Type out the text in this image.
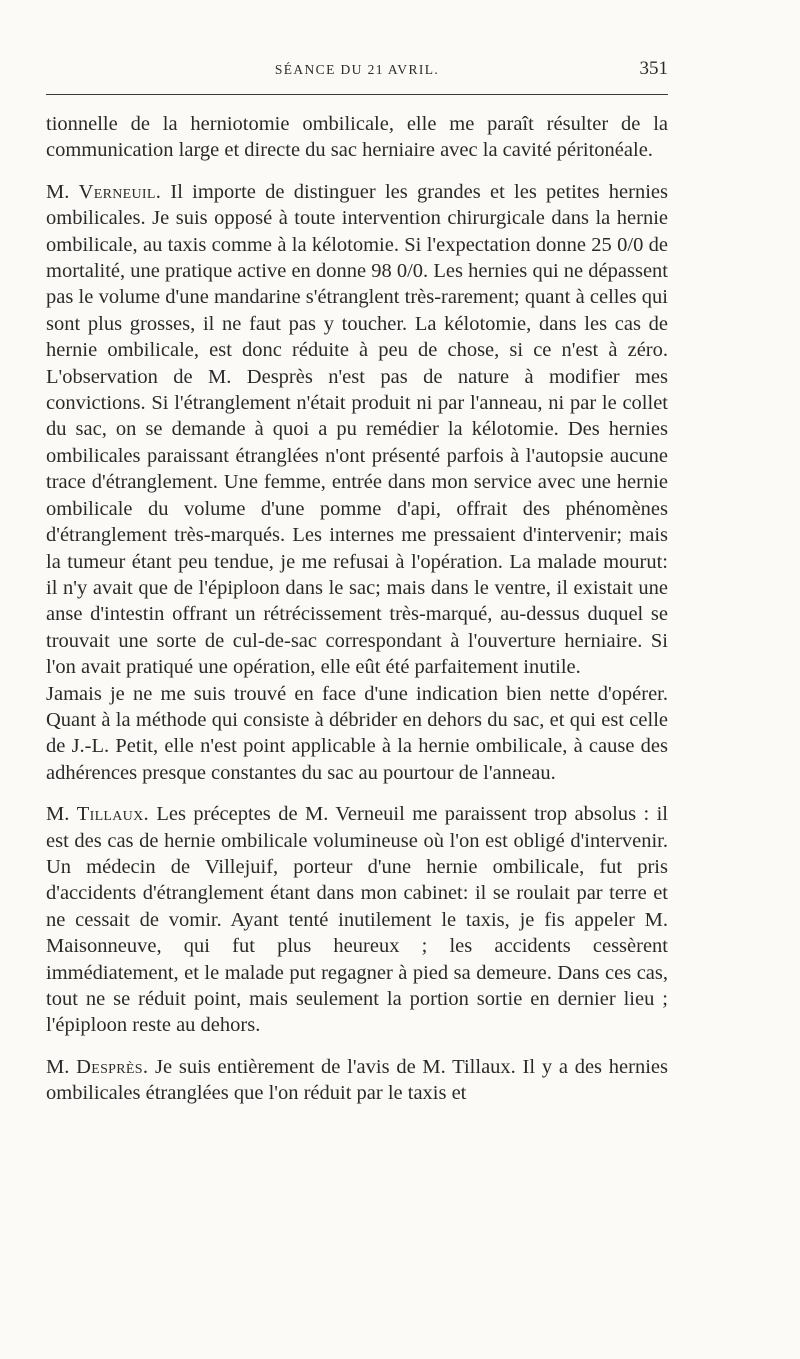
SÉANCE DU 21 AVRIL.	351

tionnelle de la herniotomie ombilicale, elle me paraît résulter de la communication large et directe du sac herniaire avec la cavité péritonéale.

M. Verneuil. Il importe de distinguer les grandes et les petites hernies ombilicales. Je suis opposé à toute intervention chirurgicale dans la hernie ombilicale, au taxis comme à la kélotomie. Si l'expectation donne 25 0/0 de mortalité, une pratique active en donne 98 0/0. Les hernies qui ne dépassent pas le volume d'une mandarine s'étranglent très-rarement; quant à celles qui sont plus grosses, il ne faut pas y toucher. La kélotomie, dans les cas de hernie ombilicale, est donc réduite à peu de chose, si ce n'est à zéro. L'observation de M. Desprès n'est pas de nature à modifier mes convictions. Si l'étranglement n'était produit ni par l'anneau, ni par le collet du sac, on se demande à quoi a pu remédier la kélotomie. Des hernies ombilicales paraissant étranglées n'ont présenté parfois à l'autopsie aucune trace d'étranglement. Une femme, entrée dans mon service avec une hernie ombilicale du volume d'une pomme d'api, offrait des phénomènes d'étranglement très-marqués. Les internes me pressaient d'intervenir; mais la tumeur étant peu tendue, je me refusai à l'opération. La malade mourut: il n'y avait que de l'épiploon dans le sac; mais dans le ventre, il existait une anse d'intestin offrant un rétrécissement très-marqué, au-dessus duquel se trouvait une sorte de cul-de-sac correspondant à l'ouverture herniaire. Si l'on avait pratiqué une opération, elle eût été parfaitement inutile.

Jamais je ne me suis trouvé en face d'une indication bien nette d'opérer. Quant à la méthode qui consiste à débrider en dehors du sac, et qui est celle de J.-L. Petit, elle n'est point applicable à la hernie ombilicale, à cause des adhérences presque constantes du sac au pourtour de l'anneau.

M. Tillaux. Les préceptes de M. Verneuil me paraissent trop absolus : il est des cas de hernie ombilicale volumineuse où l'on est obligé d'intervenir. Un médecin de Villejuif, porteur d'une hernie ombilicale, fut pris d'accidents d'étranglement étant dans mon cabinet: il se roulait par terre et ne cessait de vomir. Ayant tenté inutilement le taxis, je fis appeler M. Maisonneuve, qui fut plus heureux ; les accidents cessèrent immédiatement, et le malade put regagner à pied sa demeure. Dans ces cas, tout ne se réduit point, mais seulement la portion sortie en dernier lieu ; l'épiploon reste au dehors.

M. Desprès. Je suis entièrement de l'avis de M. Tillaux. Il y a des hernies ombilicales étranglées que l'on réduit par le taxis et
